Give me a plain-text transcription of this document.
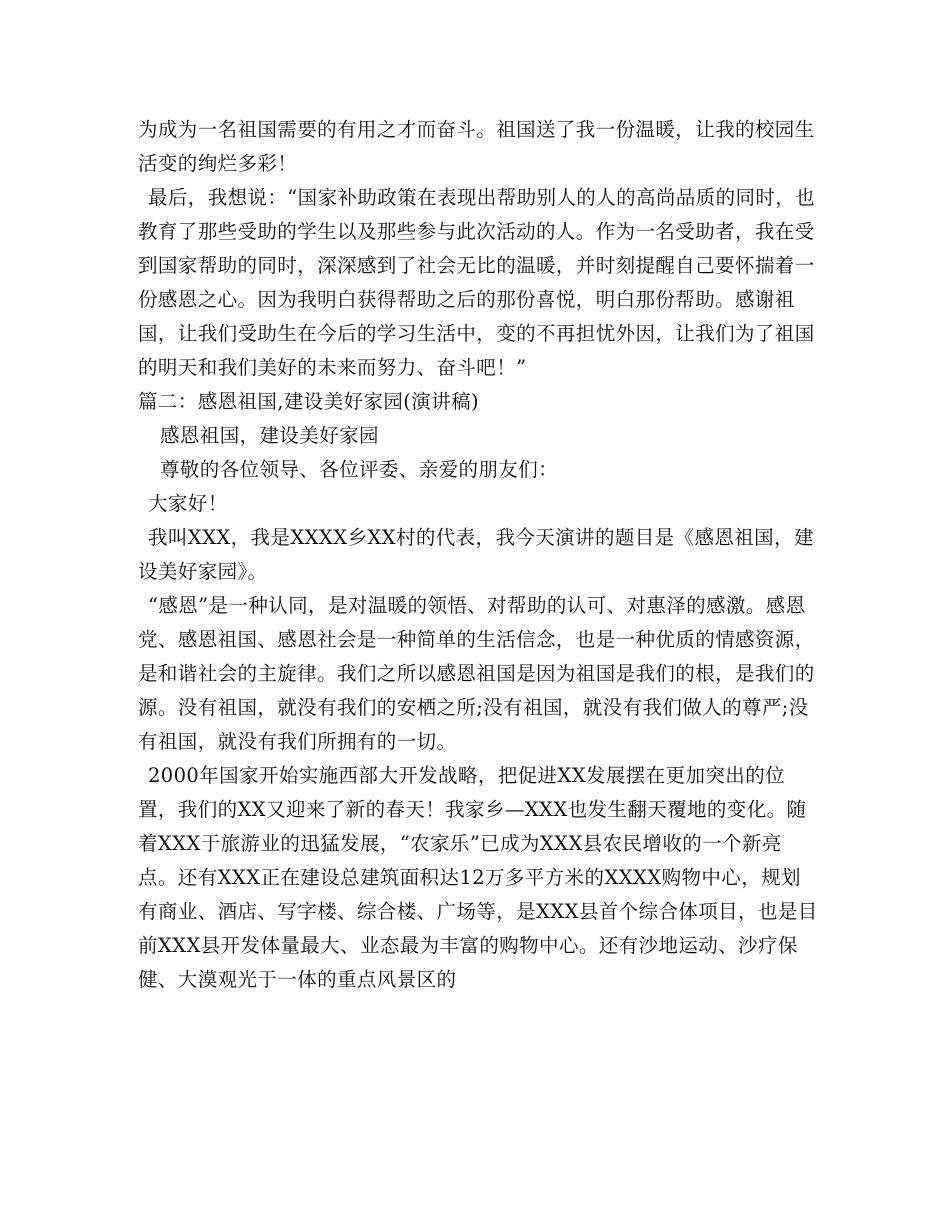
为成为一名祖国需要的有用之才而奋斗。祖国送了我一份温暖，让我的校园生活变的绚烂多彩！

最后，我想说：“国家补助政策在表现出帮助别人的人的高尚品质的同时，也教育了那些受助的学生以及那些参与此次活动的人。作为一名受助者，我在受到国家帮助的同时，深深感到了社会无比的温暖，并时刻提醒自己要怀揣着一份感恩之心。因为我明白获得帮助之后的那份喜悦，明白那份帮助。感谢祖国，让我们受助生在今后的学习生活中，变的不再担忧外因，让我们为了祖国的明天和我们美好的未来而努力、奋斗吧！”

篇二：感恩祖国,建设美好家园(演讲稿)

感恩祖国，建设美好家园

尊敬的各位领导、各位评委、亲爱的朋友们：

大家好！

我叫XXX，我是XXXX乡XX村的代表，我今天演讲的题目是《感恩祖国，建设美好家园》。

“感恩”是一种认同，是对温暖的领悟、对帮助的认可、对惠泽的感激。感恩党、感恩祖国、感恩社会是一种简单的生活信念，也是一种优质的情感资源，是和谐社会的主旋律。我们之所以感恩祖国是因为祖国是我们的根，是我们的源。没有祖国，就没有我们的安栖之所;没有祖国，就没有我们做人的尊严;没有祖国，就没有我们所拥有的一切。

2000年国家开始实施西部大开发战略，把促进XX发展摆在更加突出的位置，我们的XX又迎来了新的春天！我家乡—XXX也发生翻天覆地的变化。随着XXX于旅游业的迅猛发展，“农家乐”已成为XXX县农民增收的一个新亮点。还有XXX正在建设总建筑面积达12万多平方米的XXXX购物中心，规划有商业、酒店、写字楼、综合楼、广场等，是XXX县首个综合体项目，也是目前XXX县开发体量最大、业态最为丰富的购物中心。还有沙地运动、沙疗保健、大漠观光于一体的重点风景区的
